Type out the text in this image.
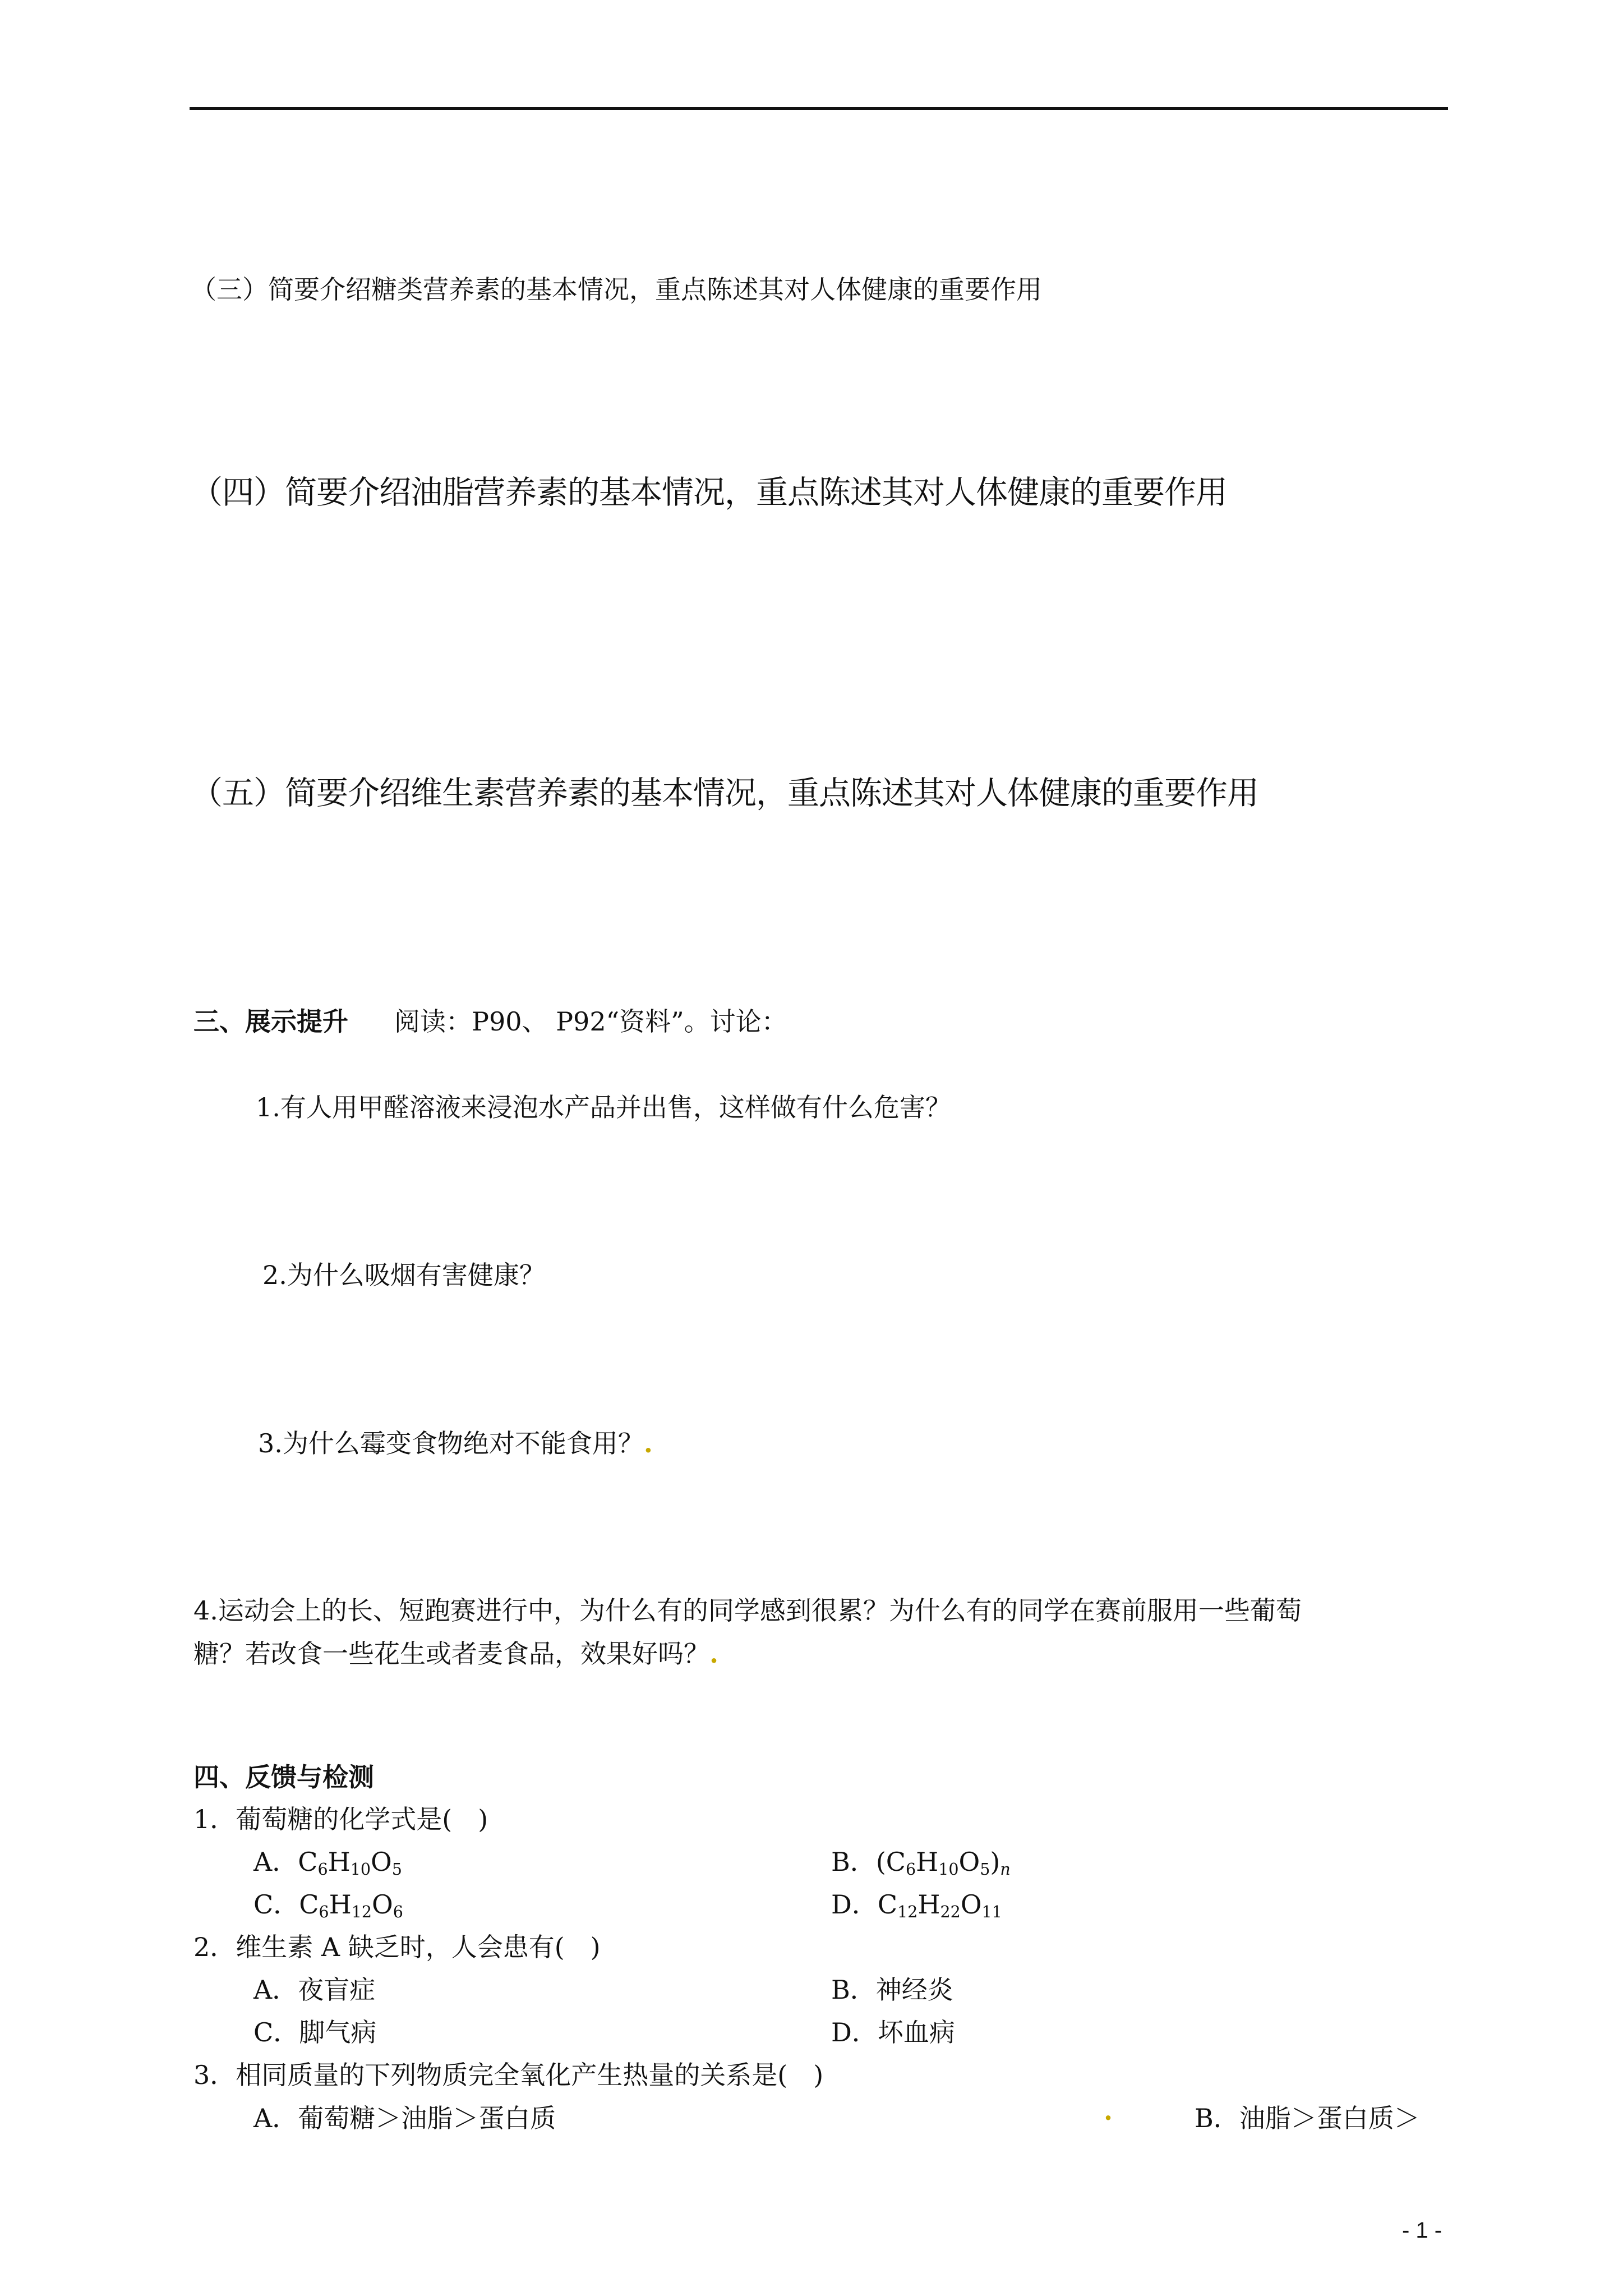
（三）简要介绍糖类营养素的基本情况，重点陈述其对人体健康的重要作用
（四）简要介绍油脂营养素的基本情况，重点陈述其对人体健康的重要作用
（五）简要介绍维生素营养素的基本情况，重点陈述其对人体健康的重要作用
三、展示提升 阅读：P90、 P92“资料”。讨论：
1.有人用甲醛溶液来浸泡水产品并出售，这样做有什么危害？
2.为什么吸烟有害健康？
3.为什么霉变食物绝对不能食用？.
4.运动会上的长、短跑赛进行中，为什么有的同学感到很累？为什么有的同学在赛前服用一些葡萄
糖？若改食一些花生或者麦食品，效果好吗？.
四、反馈与检测
1．葡萄糖的化学式是(　)
A．$C_6H_{10}O_5$	B．$(C_6H_{10}O_5)n$
C．$C_6H_{12}O_6$	D．$C_{12}H_{22}O_{11}$
2．维生素 A 缺乏时，人会患有(　)
A．夜盲症	B．神经炎
C．脚气病	D．坏血病
3．相同质量的下列物质完全氧化产生热量的关系是(　)
A．葡萄糖＞油脂＞蛋白质	.	B．油脂＞蛋白质＞
- 1 -
